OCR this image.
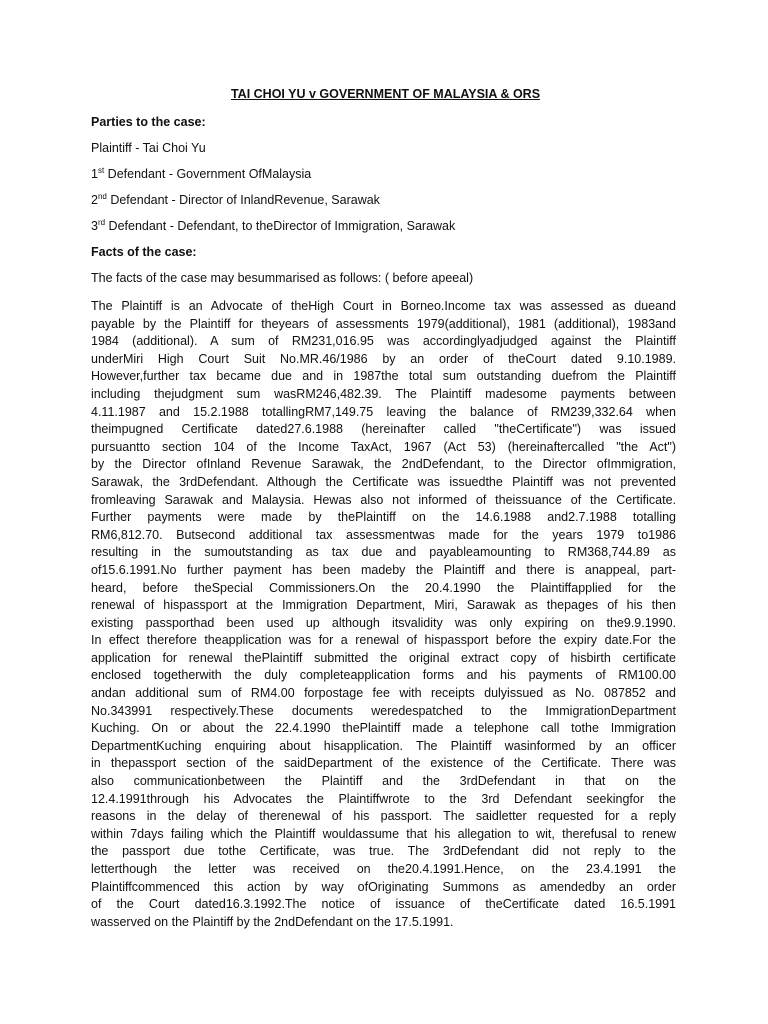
TAI CHOI YU v GOVERNMENT OF MALAYSIA & ORS
Parties to the case:
Plaintiff - Tai Choi Yu
1st Defendant - Government OfMalaysia
2nd Defendant - Director of InlandRevenue, Sarawak
3rd Defendant - Defendant, to theDirector of Immigration, Sarawak
Facts of the case:
The facts of the case may besummarised as follows: ( before apeeal)
The Plaintiff is an Advocate of theHigh Court in Borneo.Income tax was assessed as dueand
payable by the Plaintiff for theyears of assessments 1979(additional), 1981 (additional), 1983and
1984 (additional). A sum of RM231,016.95 was accordinglyadjudged against the Plaintiff
underMiri High Court Suit No.MR.46/1986 by an order of theCourt dated 9.10.1989.
However,further tax became due and in 1987the total sum outstanding duefrom the Plaintiff
including thejudgment sum wasRM246,482.39. The Plaintiff madesome payments between
4.11.1987 and 15.2.1988 totallingRM7,149.75 leaving the balance of RM239,332.64 when
theimpugned Certificate dated27.6.1988 (hereinafter called "theCertificate") was issued
pursuantto section 104 of the Income TaxAct, 1967 (Act 53) (hereinaftercalled "the Act")
by the Director ofInland Revenue Sarawak, the 2ndDefendant, to the Director ofImmigration,
Sarawak, the 3rdDefendant. Although the Certificate was issuedthe Plaintiff was not prevented
fromleaving Sarawak and Malaysia. Hewas also not informed of theissuance of the Certificate.
Further payments were made by thePlaintiff on the 14.6.1988 and2.7.1988 totalling
RM6,812.70. Butsecond additional tax assessmentwas made for the years 1979 to1986
resulting in the sumoutstanding as tax due and payableamounting to RM368,744.89 as
of15.6.1991.No further payment has been madeby the Plaintiff and there is anappeal, part-
heard, before theSpecial Commissioners.On the 20.4.1990 the Plaintiffapplied for the
renewal of hispassport at the Immigration Department, Miri, Sarawak as thepages of his then
existing passporthad been used up although itsvalidity was only expiring on the9.9.1990.
In effect therefore theapplication was for a renewal of hispassport before the expiry date.For the
application for renewal thePlaintiff submitted the original extract copy of hisbirth certificate
enclosed togetherwith the duly completeapplication forms and his payments of RM100.00
andan additional sum of RM4.00 forpostage fee with receipts dulyissued as No. 087852 and
No.343991 respectively.These documents weredespatched to the ImmigrationDepartment
Kuching. On or about the 22.4.1990 thePlaintiff made a telephone call tothe Immigration
DepartmentKuching enquiring about hisapplication. The Plaintiff wasinformed by an officer
in thepassport section of the saidDepartment of the existence of the Certificate. There was
also communicationbetween the Plaintiff and the 3rdDefendant in that on the
12.4.1991through his Advocates the Plaintiffwrote to the 3rd Defendant seekingfor the
reasons in the delay of therenewal of his passport. The saidletter requested for a reply
within 7days failing which the Plaintiff wouldassume that his allegation to wit, therefusal to renew
the passport due tothe Certificate, was true. The 3rdDefendant did not reply to the
letterthough the letter was received on the20.4.1991.Hence, on the 23.4.1991 the
Plaintiffcommenced this action by way ofOriginating Summons as amendedby an order
of the Court dated16.3.1992.The notice of issuance of theCertificate dated 16.5.1991
wasserved on the Plaintiff by the 2ndDefendant on the 17.5.1991.
